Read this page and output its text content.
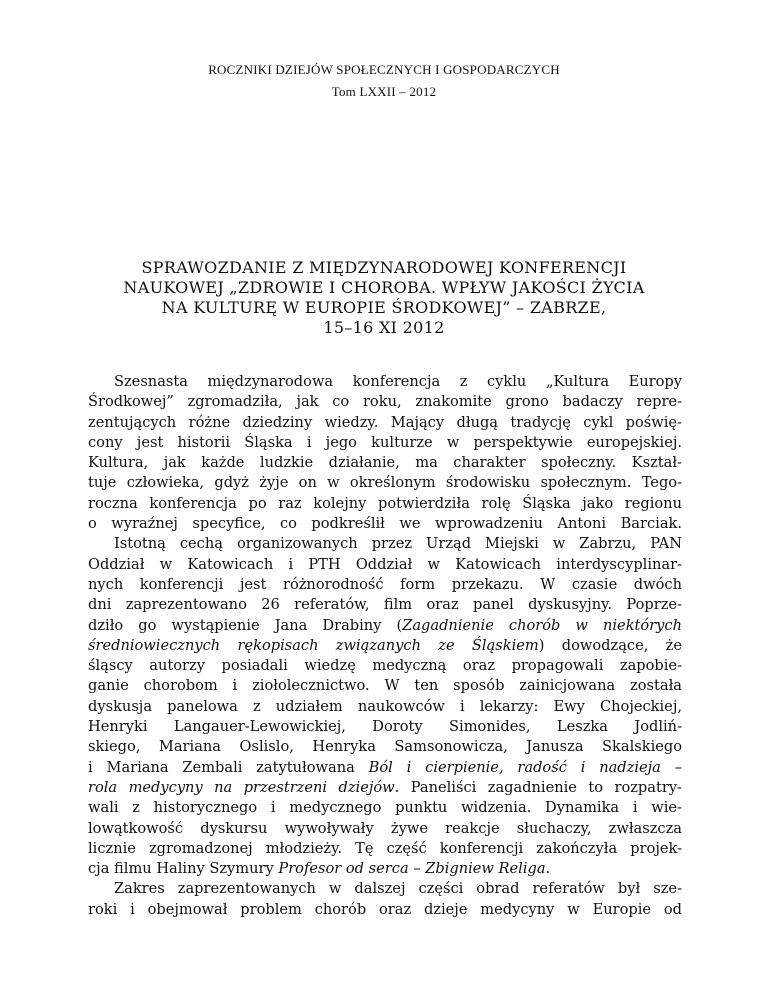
ROCZNIKI DZIEJÓW SPOŁECZNYCH I GOSPODARCZYCH
Tom LXXII – 2012
SPRAWOZDANIE Z MIĘDZYNARODOWEJ KONFERENCJI
NAUKOWEJ „ZDROWIE I CHOROBA. WPŁYW JAKOŚCI ŻYCIA
NA KULTURĘ W EUROPIE ŚRODKOWEJ” – ZABRZE,
15–16 XI 2012
Szesnasta międzynarodowa konferencja z cyklu „Kultura Europy
Środkowej” zgromadziła, jak co roku, znakomite grono badaczy repre-
zentujących różne dziedziny wiedzy. Mający długą tradycję cykl poświę-
cony jest historii Śląska i jego kulturze w perspektywie europejskiej.
Kultura, jak każde ludzkie działanie, ma charakter społeczny. Kształ-
tuje człowieka, gdyż żyje on w określonym środowisku społecznym. Tego-
roczna konferencja po raz kolejny potwierdziła rolę Śląska jako regionu
o wyraźnej specyfice, co podkreślił we wprowadzeniu Antoni Barciak.
Istotną cechą organizowanych przez Urząd Miejski w Zabrzu, PAN
Oddział w Katowicach i PTH Oddział w Katowicach interdyscyplinar-
nych konferencji jest różnorodność form przekazu. W czasie dwóch
dni zaprezentowano 26 referatów, film oraz panel dyskusyjny. Poprze-
dziło go wystąpienie Jana Drabiny (Zagadnienie chorób w niektórych
średniowiecznych rękopisach związanych ze Śląskiem) dowodzące, że
śląscy autorzy posiadali wiedzę medyczną oraz propagowali zapobie-
ganie chorobom i ziołolecznictwo. W ten sposób zainicjowana została
dyskusja panelowa z udziałem naukowców i lekarzy: Ewy Chojeckiej,
Henryki Langauer-Lewowickiej, Doroty Simonides, Leszka Jodliń-
skiego, Mariana Oslislo, Henryka Samsonowicza, Janusza Skalskiego
i Mariana Zembali zatytułowana Ból i cierpienie, radość i nadzieja –
rola medycyny na przestrzeni dziejów. Paneliści zagadnienie to rozpatry-
wali z historycznego i medycznego punktu widzenia. Dynamika i wie-
lowątkowość dyskursu wywoływały żywe reakcje słuchaczy, zwłaszcza
licznie zgromadzonej młodzieży. Tę część konferencji zakończyła projek-
cja filmu Haliny Szymury Profesor od serca – Zbigniew Religa.
Zakres zaprezentowanych w dalszej części obrad referatów był sze-
roki i obejmował problem chorób oraz dzieje medycyny w Europie od
